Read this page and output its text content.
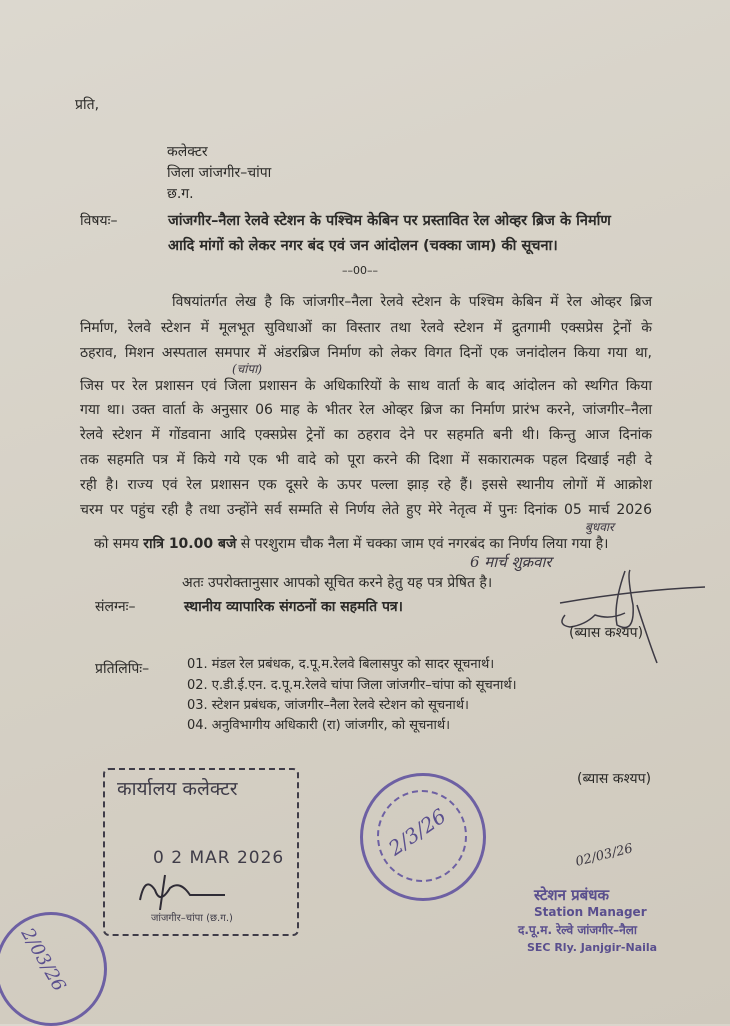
प्रति,
कलेक्टर
जिला जांजगीर–चांपा
छ.ग.
विषयः–	जांजगीर–नैला रेलवे स्टेशन के पश्चिम केबिन पर प्रस्तावित रेल ओव्हर ब्रिज के निर्माण
आदि मांगों को लेकर नगर बंद एवं जन आंदोलन (चक्का जाम) की सूचना।
––00––
विषयांतर्गत लेख है कि जांजगीर–नैला रेलवे स्टेशन के पश्चिम केबिन में रेल ओव्हर ब्रिज
निर्माण, रेलवे स्टेशन में मूलभूत सुविधाओं का विस्तार तथा रेलवे स्टेशन में द्रुतगामी एक्सप्रेस ट्रेनों के
ठहराव, मिशन अस्पताल समपार में अंडरब्रिज निर्माण को लेकर विगत दिनों एक जनांदोलन किया गया था,
(चांपा)
जिस पर रेल प्रशासन एवं जिला प्रशासन के अधिकारियों के साथ वार्ता के बाद आंदोलन को स्थगित किया
गया था। उक्त वार्ता के अनुसार 06 माह के भीतर रेल ओव्हर ब्रिज का निर्माण प्रारंभ करने, जांजगीर–नैला
रेलवे स्टेशन में गोंडवाना आदि एक्सप्रेस ट्रेनों का ठहराव देने पर सहमति बनी थी। किन्तु आज दिनांक
तक सहमति पत्र में किये गये एक भी वादे को पूरा करने की दिशा में सकारात्मक पहल दिखाई नही दे
रही है। राज्य एवं रेल प्रशासन एक दूसरे के ऊपर पल्ला झाड़ रहे हैं। इससे स्थानीय लोगों में आक्रोश
चरम पर पहुंच रही है तथा उन्होंने सर्व सम्मति से निर्णय लेते हुए मेरे नेतृत्व में पुनः दिनांक 05 मार्च 2026
बुधवार
को समय रात्रि 10.00 बजे से परशुराम चौक नैला में चक्का जाम एवं नगरबंद का निर्णय लिया गया है।
6 मार्च शुक्रवार
अतः उपरोक्तानुसार आपको सूचित करने हेतु यह पत्र प्रेषित है।
संलग्नः–	स्थानीय व्यापारिक संगठनों का सहमति पत्र।
(ब्यास कश्यप)
प्रतिलिपिः–	01. मंडल रेल प्रबंधक, द.पू.म.रेलवे बिलासपुर को सादर सूचनार्थ।
02. ए.डी.ई.एन. द.पू.म.रेलवे चांपा जिला जांजगीर–चांपा को सूचनार्थ।
03. स्टेशन प्रबंधक, जांजगीर–नैला रेलवे स्टेशन को सूचनार्थ।
04. अनुविभागीय अधिकारी (रा) जांजगीर, को सूचनार्थ।
(ब्यास कश्यप)
कार्यालय कलेक्टर
0 2 MAR 2026
जांजगीर–चांपा (छ.ग.)
2/3/26
2/03/26
02/03/26
स्टेशन प्रबंधक
Station Manager
द.पू.म. रेल्वे जांजगीर–नैला
SEC Rly. Janjgir-Naila
